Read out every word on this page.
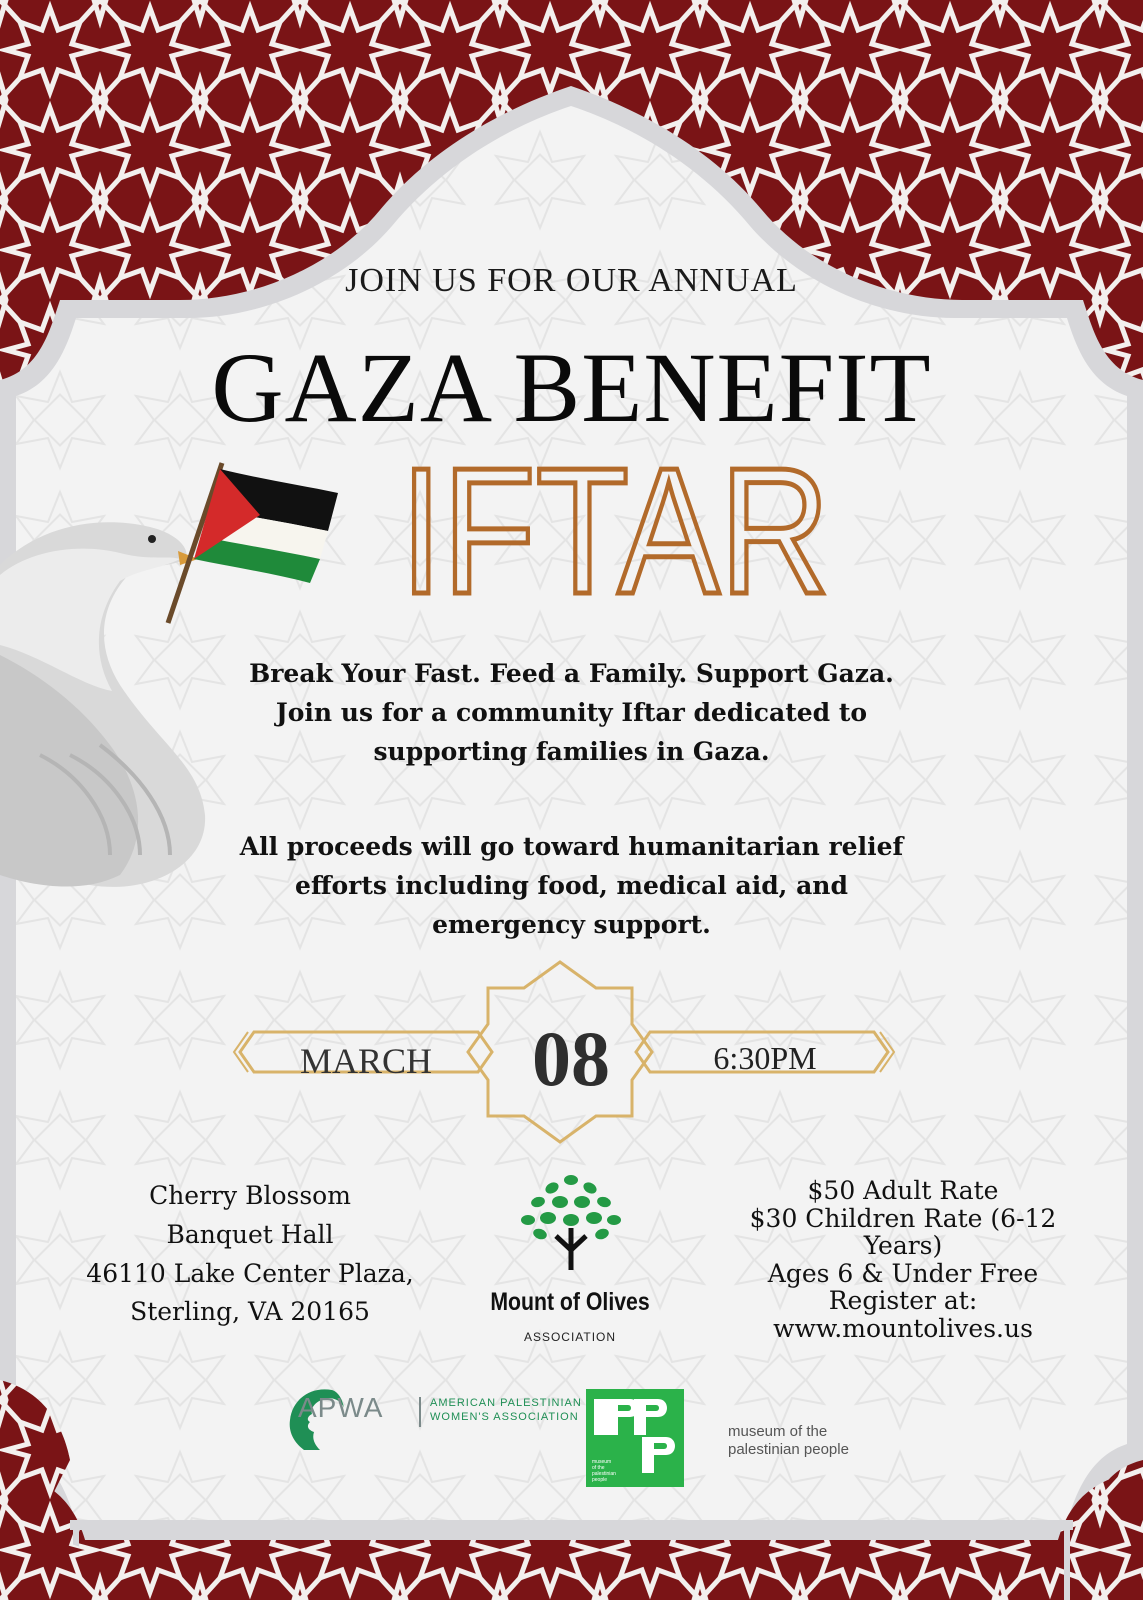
JOIN US FOR OUR ANNUAL
GAZA BENEFIT
IFTAR
Break Your Fast. Feed a Family. Support Gaza.
Join us for a community Iftar dedicated to
supporting families in Gaza.
All proceeds will go toward humanitarian relief
efforts including food, medical aid, and
emergency support.
MARCH	08	6:30PM
Cherry Blossom
Banquet Hall
46110 Lake Center Plaza,
Sterling, VA 20165	Mount of Olives
ASSOCIATION
$50 Adult Rate
$30 Children Rate (6-12
Years)
Ages 6 & Under Free
Register at:
www.mountolives.us
APWA	AMERICAN PALESTINIAN
WOMEN'S ASSOCIATION
museum
of the
palestinian
people
museum of the
palestinian people
